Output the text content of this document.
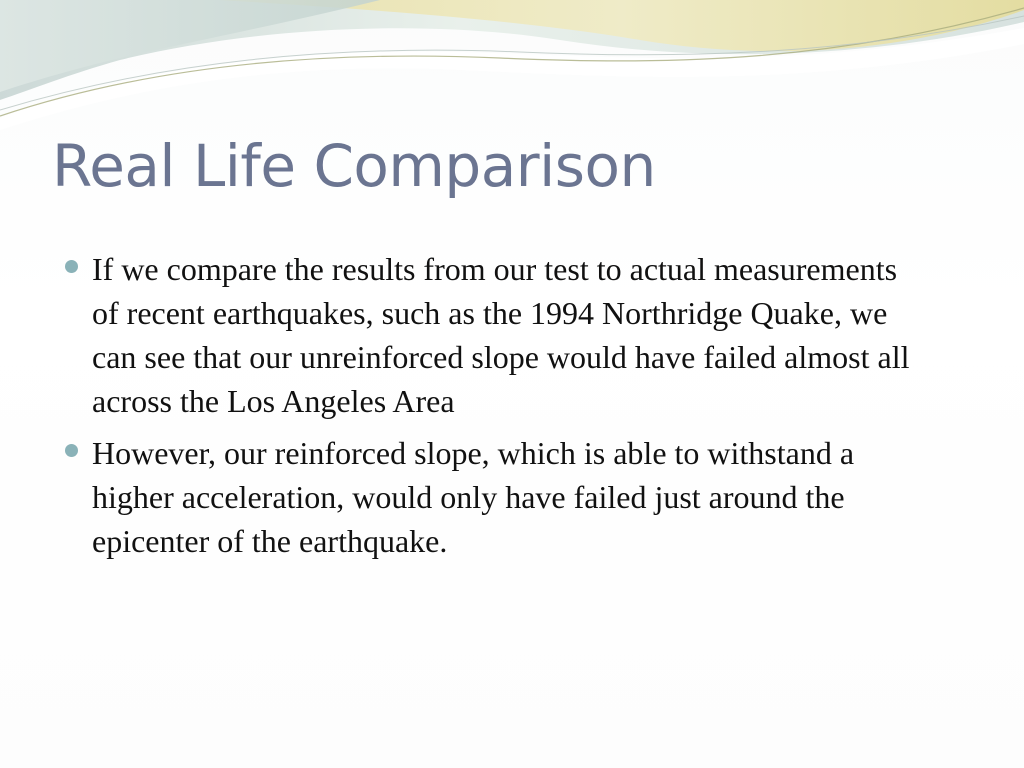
Real Life Comparison
If we compare the results from our test to actual measurements of recent earthquakes, such as the 1994 Northridge Quake, we can see that our unreinforced slope would have failed almost all across the Los Angeles Area
However, our reinforced slope, which is able to withstand a higher acceleration, would only have failed just around the epicenter of the earthquake.
